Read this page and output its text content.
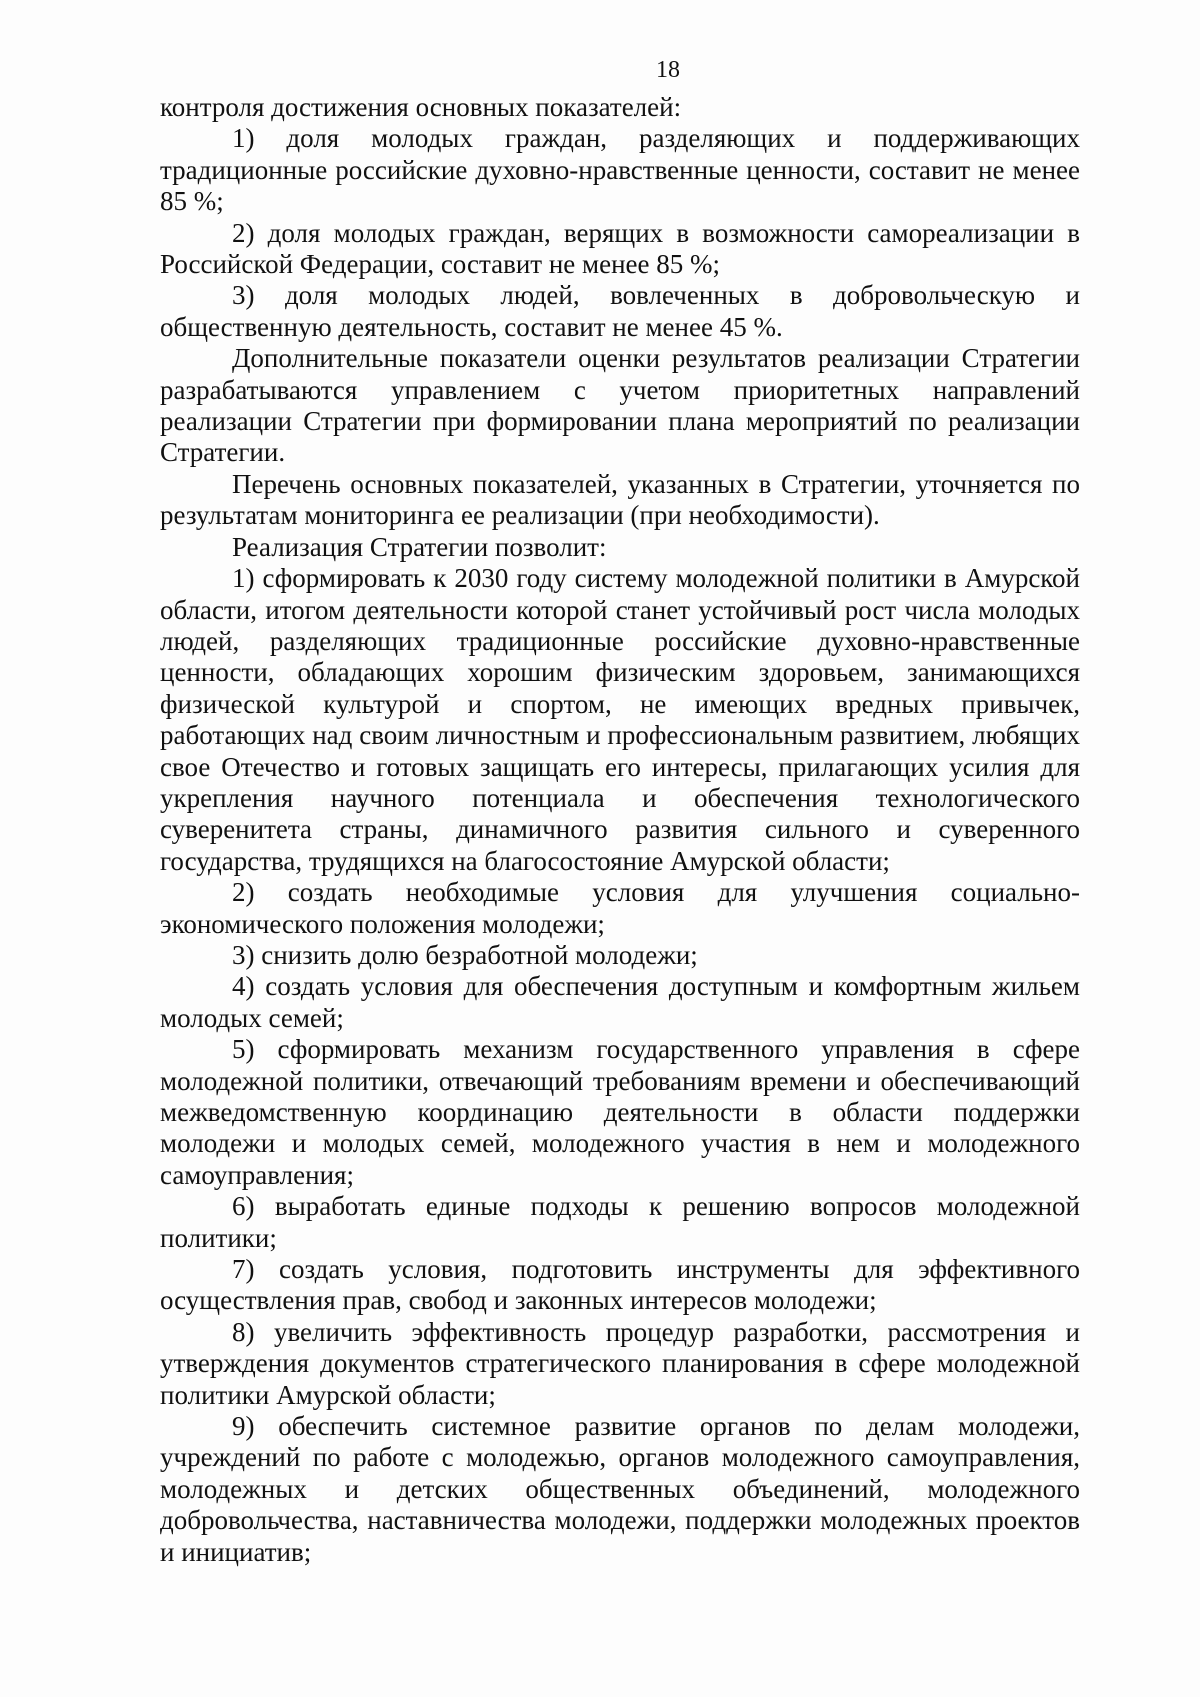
18

контроля достижения основных показателей:

1) доля молодых граждан, разделяющих и поддерживающих традиционные российские духовно-нравственные ценности, составит не менее 85 %;

2) доля молодых граждан, верящих в возможности самореализации в Российской Федерации, составит не менее 85 %;

3) доля молодых людей, вовлеченных в добровольческую и общественную деятельность, составит не менее 45 %.

Дополнительные показатели оценки результатов реализации Стратегии разрабатываются управлением с учетом приоритетных направлений реализации Стратегии при формировании плана мероприятий по реализации Стратегии.

Перечень основных показателей, указанных в Стратегии, уточняется по результатам мониторинга ее реализации (при необходимости).

Реализация Стратегии позволит:

1) сформировать к 2030 году систему молодежной политики в Амурской области, итогом деятельности которой станет устойчивый рост числа молодых людей, разделяющих традиционные российские духовно-нравственные ценности, обладающих хорошим физическим здоровьем, занимающихся физической культурой и спортом, не имеющих вредных привычек, работающих над своим личностным и профессиональным развитием, любящих свое Отечество и готовых защищать его интересы, прилагающих усилия для укрепления научного потенциала и обеспечения технологического суверенитета страны, динамичного развития сильного и суверенного государства, трудящихся на благосостояние Амурской области;

2) создать необходимые условия для улучшения социально-экономического положения молодежи;

3) снизить долю безработной молодежи;

4) создать условия для обеспечения доступным и комфортным жильем молодых семей;

5) сформировать механизм государственного управления в сфере молодежной политики, отвечающий требованиям времени и обеспечивающий межведомственную координацию деятельности в области поддержки молодежи и молодых семей, молодежного участия в нем и молодежного самоуправления;

6) выработать единые подходы к решению вопросов молодежной политики;

7) создать условия, подготовить инструменты для эффективного осуществления прав, свобод и законных интересов молодежи;

8) увеличить эффективность процедур разработки, рассмотрения и утверждения документов стратегического планирования в сфере молодежной политики Амурской области;

9) обеспечить системное развитие органов по делам молодежи, учреждений по работе с молодежью, органов молодежного самоуправления, молодежных и детских общественных объединений, молодежного добровольчества, наставничества молодежи, поддержки молодежных проектов и инициатив;
